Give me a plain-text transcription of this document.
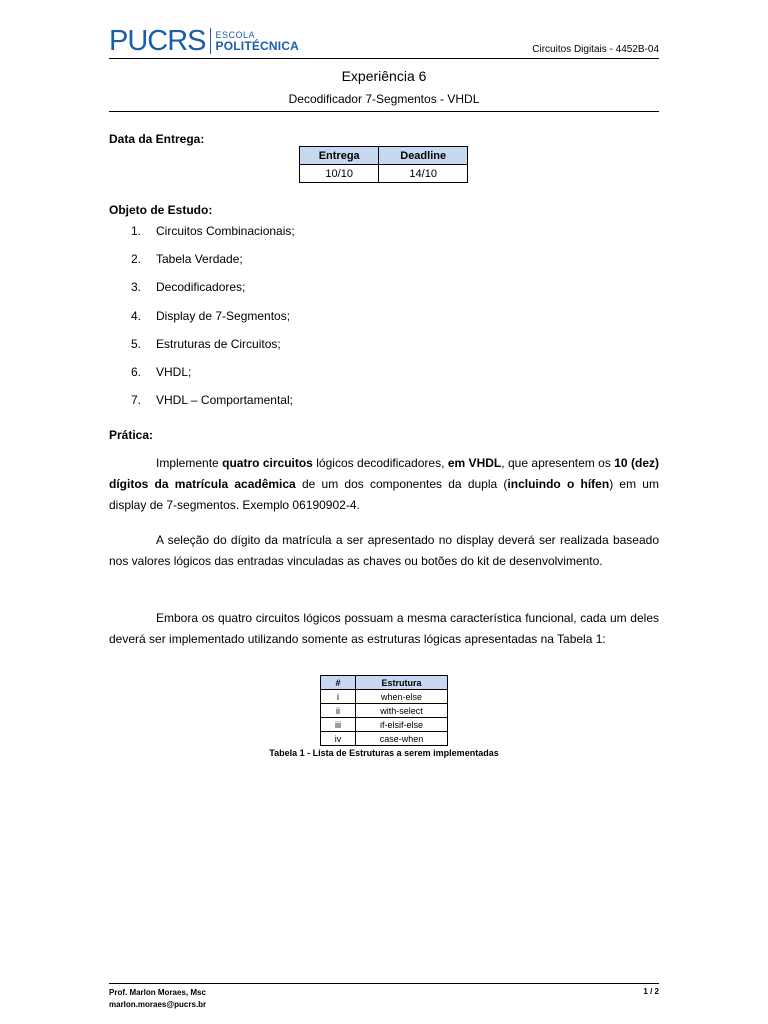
PUCRS ESCOLA
POLITÉCNICA	Circuitos Digitais - 4452B-04
Experiência 6
Decodificador 7-Segmentos - VHDL
Data da Entrega:
Entrega	Deadline
10/10	14/10
Objeto de Estudo:
1.	Circuitos Combinacionais;
2.	Tabela Verdade;
3.	Decodificadores;
4.	Display de 7-Segmentos;
5.	Estruturas de Circuitos;
6.	VHDL;
7.	VHDL – Comportamental;
Prática:
Implemente quatro circuitos lógicos decodificadores, em VHDL, que apresentem os 10 (dez) dígitos da matrícula acadêmica de um dos componentes da dupla (incluindo o hífen) em um display de 7-segmentos. Exemplo 06190902-4.
A seleção do dígito da matrícula a ser apresentado no display deverá ser realizada baseado nos valores lógicos das entradas vinculadas as chaves ou botões do kit de desenvolvimento.
Embora os quatro circuitos lógicos possuam a mesma característica funcional, cada um deles deverá ser implementado utilizando somente as estruturas lógicas apresentadas na Tabela 1:
#	Estrutura
i	when-else
ii	with-select
iii	if-elsif-else
iv	case-when
Tabela 1 - Lista de Estruturas a serem implementadas
Prof. Marlon Moraes, Msc
marlon.moraes@pucrs.br
1 / 2
